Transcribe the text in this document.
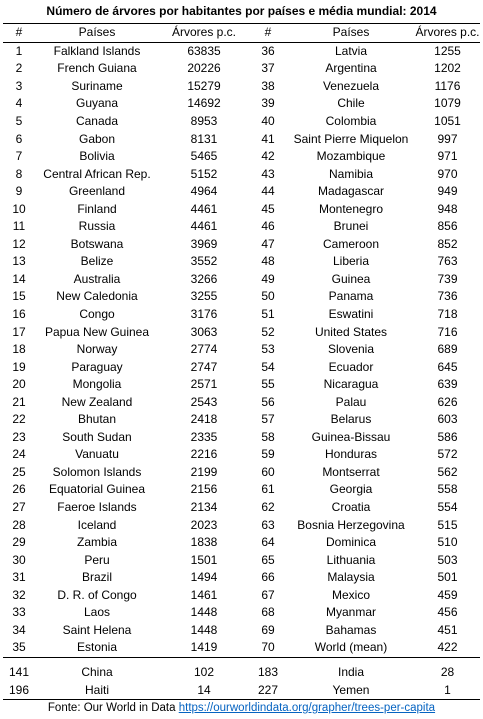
Número de árvores por habitantes por países e média mundial: 2014
#	Países	Árvores p.c.	#	Países	Árvores p.c.
1	Falkland Islands	63835	36	Latvia	1255
2	French Guiana	20226	37	Argentina	1202
3	Suriname	15279	38	Venezuela	1176
4	Guyana	14692	39	Chile	1079
5	Canada	8953	40	Colombia	1051
6	Gabon	8131	41	Saint Pierre Miquelon	997
7	Bolivia	5465	42	Mozambique	971
8	Central African Rep.	5152	43	Namibia	970
9	Greenland	4964	44	Madagascar	949
10	Finland	4461	45	Montenegro	948
11	Russia	4461	46	Brunei	856
12	Botswana	3969	47	Cameroon	852
13	Belize	3552	48	Liberia	763
14	Australia	3266	49	Guinea	739
15	New Caledonia	3255	50	Panama	736
16	Congo	3176	51	Eswatini	718
17	Papua New Guinea	3063	52	United States	716
18	Norway	2774	53	Slovenia	689
19	Paraguay	2747	54	Ecuador	645
20	Mongolia	2571	55	Nicaragua	639
21	New Zealand	2543	56	Palau	626
22	Bhutan	2418	57	Belarus	603
23	South Sudan	2335	58	Guinea-Bissau	586
24	Vanuatu	2216	59	Honduras	572
25	Solomon Islands	2199	60	Montserrat	562
26	Equatorial Guinea	2156	61	Georgia	558
27	Faeroe Islands	2134	62	Croatia	554
28	Iceland	2023	63	Bosnia Herzegovina	515
29	Zambia	1838	64	Dominica	510
30	Peru	1501	65	Lithuania	503
31	Brazil	1494	66	Malaysia	501
32	D. R. of Congo	1461	67	Mexico	459
33	Laos	1448	68	Myanmar	456
34	Saint Helena	1448	69	Bahamas	451
35	Estonia	1419	70	World (mean)	422
141	China	102	183	India	28
196	Haiti	14	227	Yemen	1
Fonte: Our World in Data https://ourworldindata.org/grapher/trees-per-capita
